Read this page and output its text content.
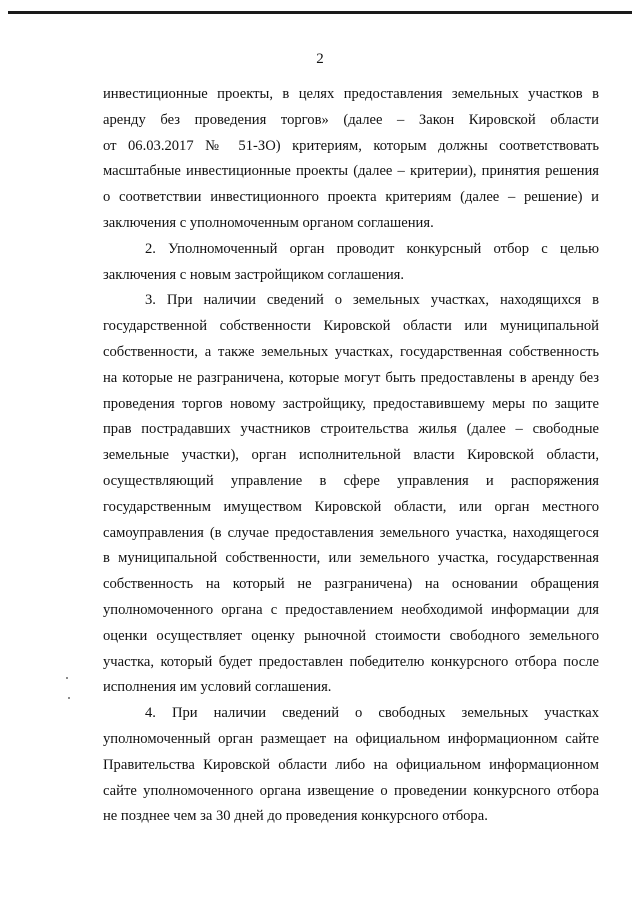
2
инвестиционные проекты, в целях предоставления земельных участков в
аренду без проведения торгов» (далее – Закон Кировской области
от 06.03.2017 № 51-ЗО) критериям, которым должны соответствовать
масштабные инвестиционные проекты (далее – критерии), принятия решения
о соответствии инвестиционного проекта критериям (далее – решение) и
заключения с уполномоченным органом соглашения.
2. Уполномоченный орган проводит конкурсный отбор с целью
заключения с новым застройщиком соглашения.
3. При наличии сведений о земельных участках, находящихся в
государственной собственности Кировской области или муниципальной
собственности, а также земельных участках, государственная собственность
на которые не разграничена, которые могут быть предоставлены в аренду без
проведения торгов новому застройщику, предоставившему меры по защите
прав пострадавших участников строительства жилья (далее – свободные
земельные участки), орган исполнительной власти Кировской области,
осуществляющий управление в сфере управления и распоряжения
государственным имуществом Кировской области, или орган местного
самоуправления (в случае предоставления земельного участка, находящегося
в муниципальной собственности, или земельного участка, государственная
собственность на который не разграничена) на основании обращения
уполномоченного органа с предоставлением необходимой информации для
оценки осуществляет оценку рыночной стоимости свободного земельного
участка, который будет предоставлен победителю конкурсного отбора после
исполнения им условий соглашения.
4. При наличии сведений о свободных земельных участках
уполномоченный орган размещает на официальном информационном сайте
Правительства Кировской области либо на официальном информационном
сайте уполномоченного органа извещение о проведении конкурсного отбора
не позднее чем за 30 дней до проведения конкурсного отбора.
